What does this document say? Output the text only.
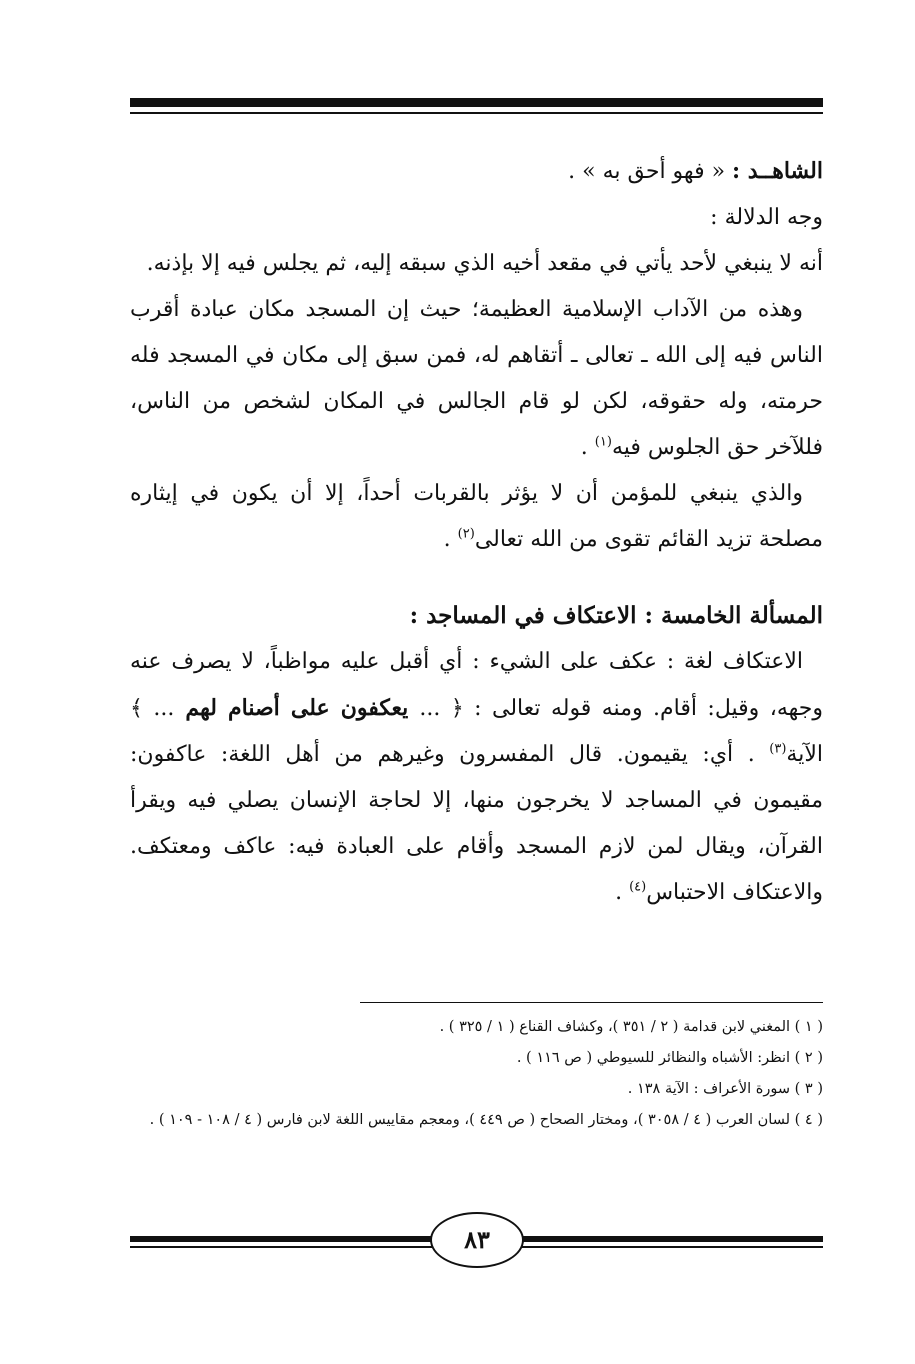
الشاهــد : « فهو أحق به » .

وجه الدلالة :

أنه لا ينبغي لأحد يأتي في مقعد أخيه الذي سبقه إليه، ثم يجلس فيه إلا بإذنه.

وهذه من الآداب الإسلامية العظيمة؛ حيث إن المسجد مكان عبادة أقرب الناس فيه إلى الله ـ تعالى ـ أتقاهم له، فمن سبق إلى مكان في المسجد فله حرمته، وله حقوقه، لكن لو قام الجالس في المكان لشخص من الناس، فللآخر حق الجلوس فيه$^{(١)}$ .

والذي ينبغي للمؤمن أن لا يؤثر بالقربات أحداً، إلا أن يكون في إيثاره مصلحة تزيد القائم تقوى من الله تعالى$^{(٢)}$ .

المسألة الخامسة : الاعتكاف في المساجد :

الاعتكاف لغة : عكف على الشيء : أي أقبل عليه مواظباً، لا يصرف عنه وجهه، وقيل: أقام. ومنه قوله تعالى : ﴿ ... يعكفون على أصنام لهم ... ﴾ الآية$^{(٣)}$ . أي: يقيمون. قال المفسرون وغيرهم من أهل اللغة: عاكفون: مقيمون في المساجد لا يخرجون منها، إلا لحاجة الإنسان يصلي فيه ويقرأ القرآن، ويقال لمن لازم المسجد وأقام على العبادة فيه: عاكف ومعتكف. والاعتكاف الاحتباس$^{(٤)}$ .

( ١ ) المغني لابن قدامة ( ٢ / ٣٥١ )، وكشاف القناع ( ١ / ٣٢٥ ) .

( ٢ ) انظر: الأشباه والنظائر للسيوطي ( ص ١١٦ ) .

( ٣ ) سورة الأعراف : الآية ١٣٨ .

( ٤ ) لسان العرب ( ٤ / ٣٠٥٨ )، ومختار الصحاح ( ص ٤٤٩ )، ومعجم مقاييس اللغة لابن فارس ( ٤ / ١٠٨ - ١٠٩ ) .

٨٣
